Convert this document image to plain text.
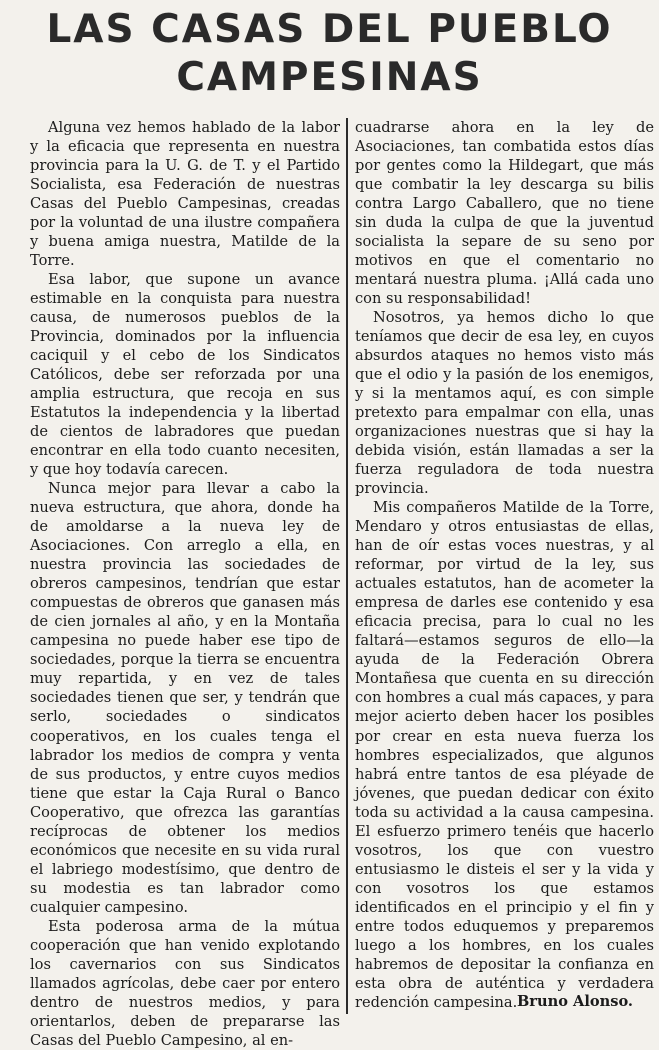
LAS CASAS DEL PUEBLO
CAMPESINAS

Alguna vez hemos hablado de la labor y la eficacia que representa en nuestra provincia para la U. G. de T. y el Partido Socialista, esa Federación de nuestras Casas del Pueblo Campesinas, creadas por la voluntad de una ilustre compañera y buena amiga nuestra, Matilde de la Torre.

Esa labor, que supone un avance estimable en la conquista para nuestra causa, de numerosos pueblos de la Provincia, dominados por la influencia caciquil y el cebo de los Sindicatos Católicos, debe ser reforzada por una amplia estructura, que recoja en sus Estatutos la independencia y la libertad de cientos de labradores que puedan encontrar en ella todo cuanto necesiten, y que hoy todavía carecen.

Nunca mejor para llevar a cabo la nueva estructura, que ahora, donde ha de amoldarse a la nueva ley de Asociaciones. Con arreglo a ella, en nuestra provincia las sociedades de obreros campesinos, tendrían que estar compuestas de obreros que ganasen más de cien jornales al año, y en la Montaña campesina no puede haber ese tipo de sociedades, porque la tierra se encuentra muy repartida, y en vez de tales sociedades tienen que ser, y tendrán que serlo, sociedades o sindicatos cooperativos, en los cuales tenga el labrador los medios de compra y venta de sus productos, y entre cuyos medios tiene que estar la Caja Rural o Banco Cooperativo, que ofrezca las garantías recíprocas de obtener los medios económicos que necesite en su vida rural el labriego modestísimo, que dentro de su modestia es tan labrador como cualquier campesino.

Esta poderosa arma de la mútua cooperación que han venido explotando los cavernarios con sus Sindicatos llamados agrícolas, debe caer por entero dentro de nuestros medios, y para orientarlos, deben de prepararse las Casas del Pueblo Campesino, al en-

cuadrarse ahora en la ley de Asociaciones, tan combatida estos días por gentes como la Hildegart, que más que combatir la ley descarga su bilis contra Largo Caballero, que no tiene sin duda la culpa de que la juventud socialista la separe de su seno por motivos en que el comentario no mentará nuestra pluma. ¡Allá cada uno con su responsabilidad!

Nosotros, ya hemos dicho lo que teníamos que decir de esa ley, en cuyos absurdos ataques no hemos visto más que el odio y la pasión de los enemigos, y si la mentamos aquí, es con simple pretexto para empalmar con ella, unas organizaciones nuestras que si hay la debida visión, están llamadas a ser la fuerza reguladora de toda nuestra provincia.

Mis compañeros Matilde de la Torre, Mendaro y otros entusiastas de ellas, han de oír estas voces nuestras, y al reformar, por virtud de la ley, sus actuales estatutos, han de acometer la empresa de darles ese contenido y esa eficacia precisa, para lo cual no les faltará—estamos seguros de ello—la ayuda de la Federación Obrera Montañesa que cuenta en su dirección con hombres a cual más capaces, y para mejor acierto deben hacer los posibles por crear en esta nueva fuerza los hombres especializados, que algunos habrá entre tantos de esa pléyade de jóvenes, que puedan dedicar con éxito toda su actividad a la causa campesina. El esfuerzo primero tenéis que hacerlo vosotros, los que con vuestro entusiasmo le disteis el ser y la vida y con vosotros los que estamos identificados en el principio y el fin y entre todos eduquemos y preparemos luego a los hombres, en los cuales habremos de depositar la confianza en esta obra de auténtica y verdadera redención campesina. Bruno Alonso.
